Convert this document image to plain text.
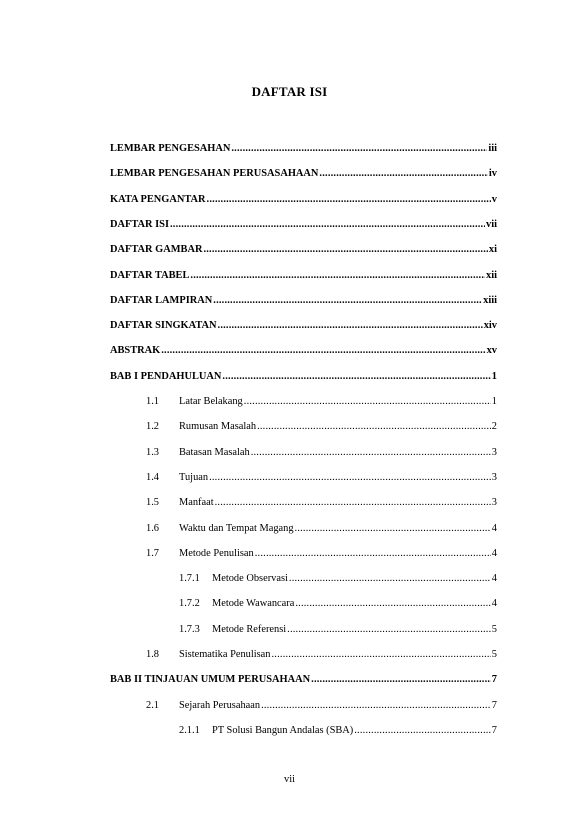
DAFTAR ISI
LEMBAR PENGESAHAN .....	iii
LEMBAR PENGESAHAN PERUSASAHAAN .....	iv
KATA PENGANTAR .....	v
DAFTAR ISI .....	vii
DAFTAR GAMBAR .....	xi
DAFTAR TABEL .....	xii
DAFTAR LAMPIRAN .....	xiii
DAFTAR SINGKATAN .....	xiv
ABSTRAK .....	xv
BAB I PENDAHULUAN .....	1
1.1	Latar Belakang .....	1
1.2	Rumusan Masalah .....	2
1.3	Batasan Masalah .....	3
1.4	Tujuan .....	3
1.5	Manfaat .....	3
1.6	Waktu dan Tempat Magang .....	4
1.7	Metode Penulisan .....	4
1.7.1	Metode Observasi .....	4
1.7.2	Metode Wawancara .....	4
1.7.3	Metode Referensi .....	5
1.8	Sistematika Penulisan .....	5
BAB II TINJAUAN UMUM PERUSAHAAN .....	7
2.1	Sejarah Perusahaan .....	7
2.1.1	PT Solusi Bangun Andalas (SBA) .....	7
vii
